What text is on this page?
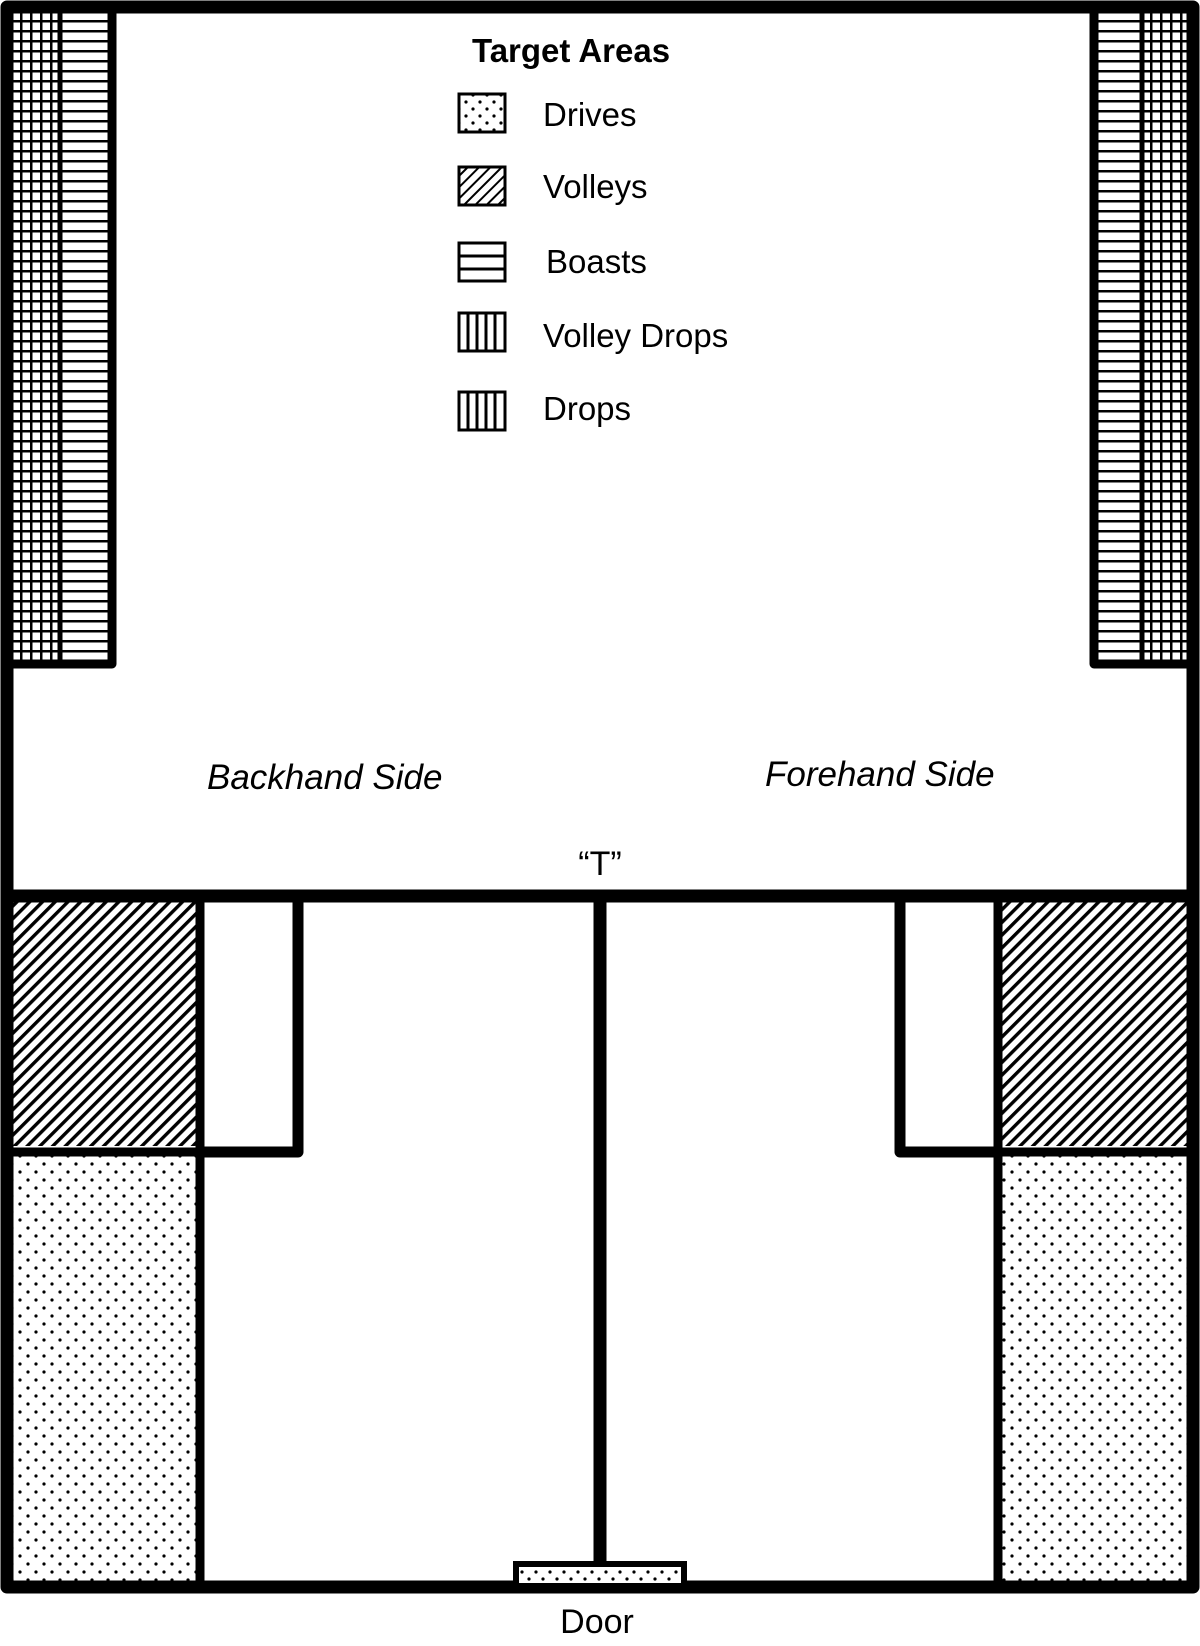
Target Areas
Drives
Volleys
Boasts
Volley Drops
Drops
Backhand Side	Forehand Side
“T”
Door
